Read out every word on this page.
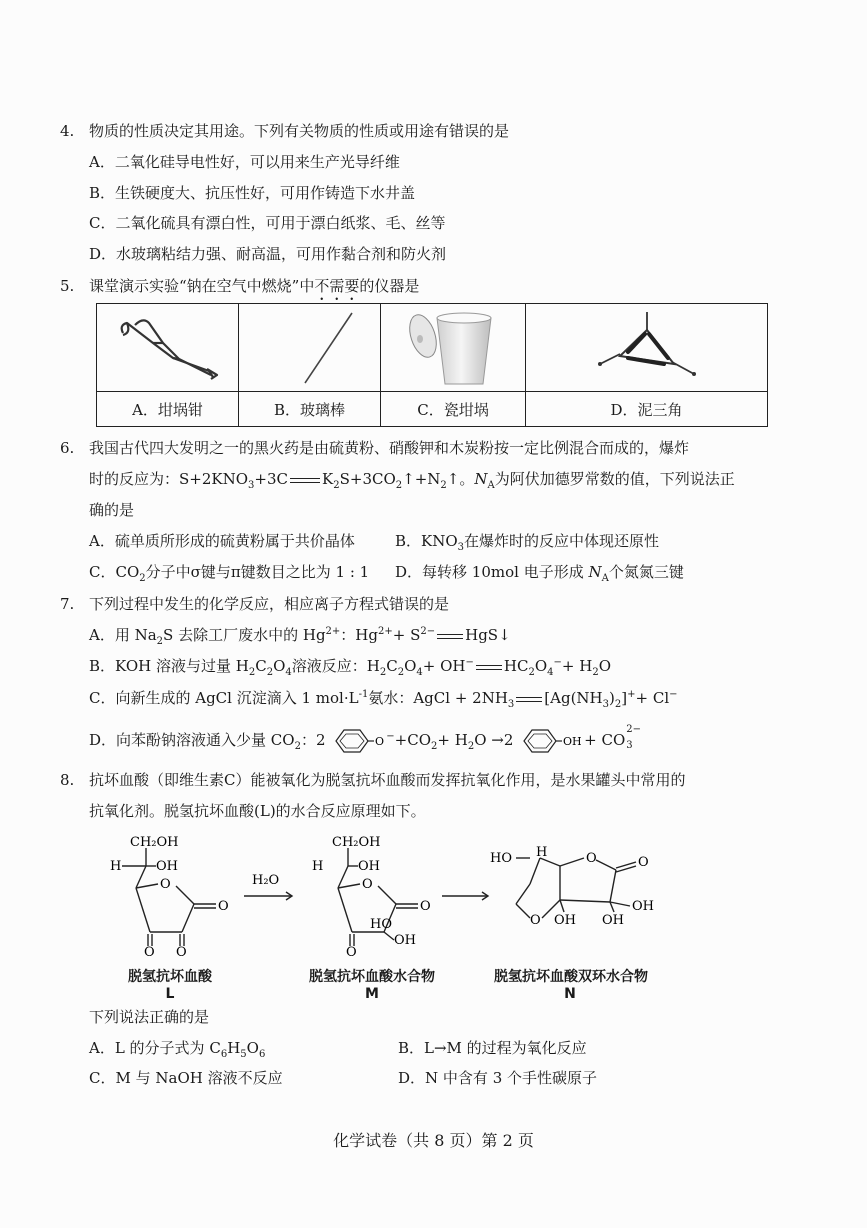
4. 物质的性质决定其用途。下列有关物质的性质或用途有错误的是
A．二氧化硅导电性好，可以用来生产光导纤维
B．生铁硬度大、抗压性好，可用作铸造下水井盖
C．二氧化硫具有漂白性，可用于漂白纸浆、毛、丝等
D．水玻璃粘结力强、耐高温，可用作黏合剂和防火剂
5. 课堂演示实验“钠在空气中燃烧”中不需要的仪器是
A．坩埚钳	B．玻璃棒	C．瓷坩埚	D．泥三角
6. 我国古代四大发明之一的黑火药是由硫黄粉、硝酸钾和木炭粉按一定比例混合而成的，爆炸
时的反应为：$S+2KNO_3+3C$ $K_2S+3CO_2↑+N_2↑$。$N_A$为阿伏加德罗常数的值，下列说法正
确的是
A．硫单质所形成的硫黄粉属于共价晶体	B．$KNO_3$在爆炸时的反应中体现还原性
C．$CO_2$分子中σ键与π键数目之比为 1 : 1 D．每转移 10mol 电子形成 $N_A$个氮氮三键
7. 下列过程中发生的化学反应，相应离子方程式错误的是
A．用 $Na_2S$ 去除工厂废水中的 $Hg^{2+}$：$Hg^{2+}+ S^{2-}$ HgS↓
B．KOH 溶液与过量 $H_2C_2O_4$溶液反应：$H_2C_2O_4+ OH^-$ $HC_2O_4^-+ H_2O$
C．向新生成的 AgCl 沉淀滴入 1 $mol\cdot L^{-1}$氨水：AgCl + $2NH_3$ $[Ag(NH_3)_2]^++ Cl^-$
D．向苯酚钠溶液通入少量 $CO_2$：2	O $^-+CO_2+ H_2O \to 2$	OH + CO
2−
3
8. 抗坏血酸（即维生素C）能被氧化为脱氢抗坏血酸而发挥抗氧化作用，是水果罐头中常用的
抗氧化剂。脱氢抗坏血酸(L)的水合反应原理如下。
CH₂OH
H	OH
O
O
O O
H₂O
CH₂OH
H	OH
O
O
O
OH
HO
HO H	O	O
O
OH
OH
OH
脱氢抗坏血酸
L
脱氢抗坏血酸水合物
M
脱氢抗坏血酸双环水合物
N
下列说法正确的是
A．L 的分子式为 $C_6H_5O_6$	B．L→M 的过程为氧化反应
C．M 与 NaOH 溶液不反应	D．N 中含有 3 个手性碳原子
化学试卷（共 8 页）第 2 页
